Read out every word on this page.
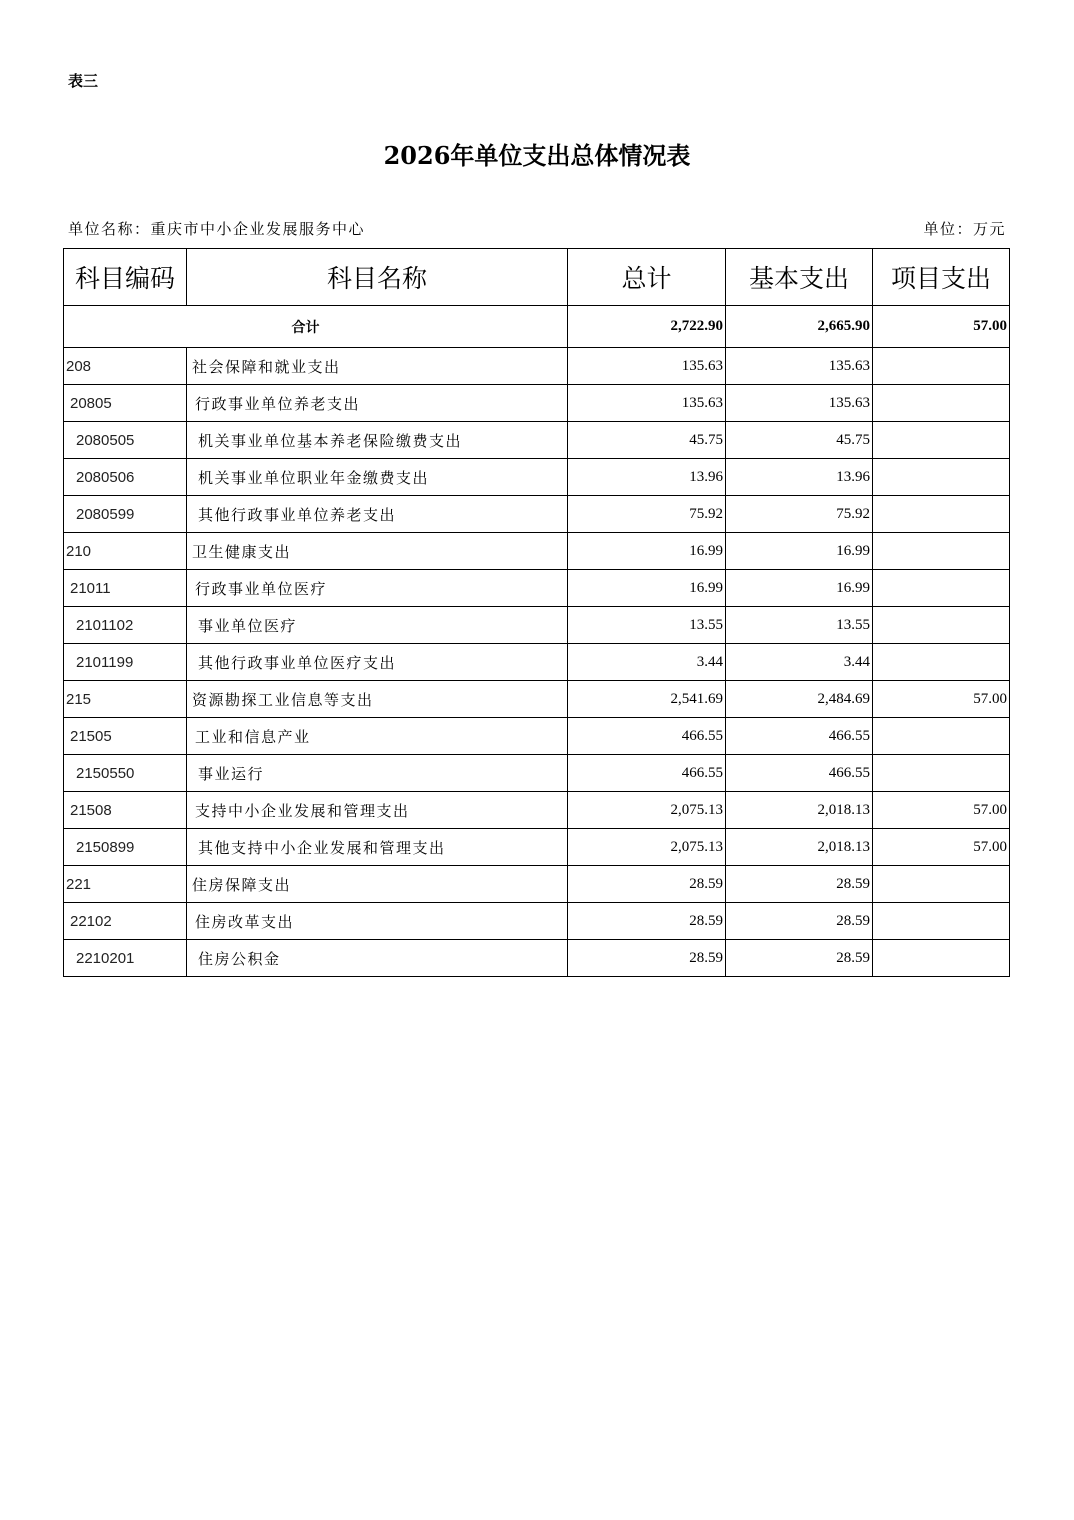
表三
2026年单位支出总体情况表
单位名称：重庆市中小企业发展服务中心	单位：万元
科目编码	科目名称	总计	基本支出	项目支出
合计		2,722.90	2,665.90	57.00
208	社会保障和就业支出	135.63	135.63	
20805	行政事业单位养老支出	135.63	135.63	
2080505	机关事业单位基本养老保险缴费支出	45.75	45.75	
2080506	机关事业单位职业年金缴费支出	13.96	13.96	
2080599	其他行政事业单位养老支出	75.92	75.92	
210	卫生健康支出	16.99	16.99	
21011	行政事业单位医疗	16.99	16.99	
2101102	事业单位医疗	13.55	13.55	
2101199	其他行政事业单位医疗支出	3.44	3.44	
215	资源勘探工业信息等支出	2,541.69	2,484.69	57.00
21505	工业和信息产业	466.55	466.55	
2150550	事业运行	466.55	466.55	
21508	支持中小企业发展和管理支出	2,075.13	2,018.13	57.00
2150899	其他支持中小企业发展和管理支出	2,075.13	2,018.13	57.00
221	住房保障支出	28.59	28.59	
22102	住房改革支出	28.59	28.59	
2210201	住房公积金	28.59	28.59	
